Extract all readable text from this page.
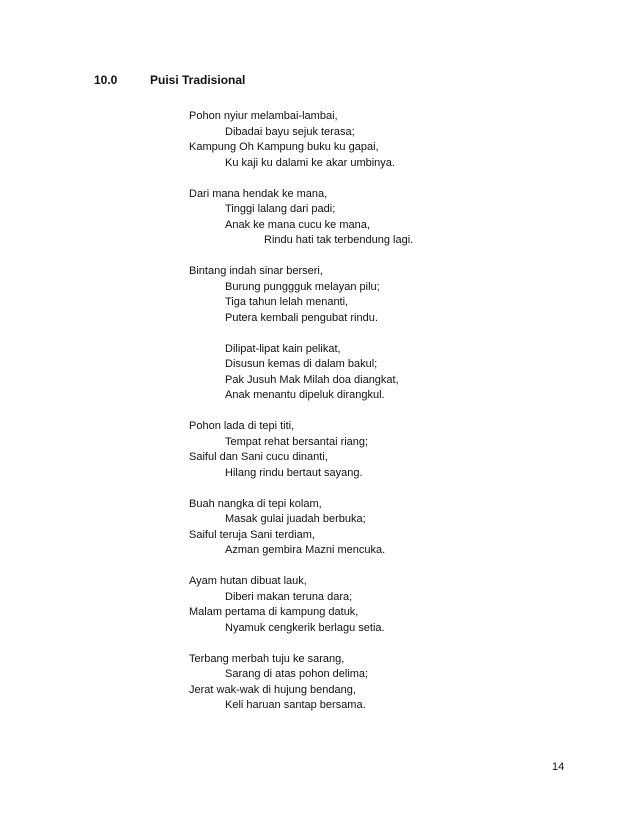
10.0	Puisi Tradisional
Pohon nyiur melambai-lambai,
Dibadai bayu sejuk terasa;
Kampung Oh Kampung buku ku gapai,
Ku kaji ku dalami ke akar umbinya.
Dari mana hendak ke mana,
Tinggi lalang dari padi;
Anak ke mana cucu ke mana,
Rindu hati tak terbendung lagi.
Bintang indah sinar berseri,
Burung punggguk melayan pilu;
Tiga tahun lelah menanti,
Putera kembali pengubat rindu.
Dilipat-lipat kain pelikat,
Disusun kemas di dalam bakul;
Pak Jusuh Mak Milah doa diangkat,
Anak menantu dipeluk dirangkul.
Pohon lada di tepi titi,
Tempat rehat bersantai riang;
Saiful dan Sani cucu dinanti,
Hilang rindu bertaut sayang.
Buah nangka di tepi kolam,
Masak gulai juadah berbuka;
Saiful teruja Sani terdiam,
Azman gembira Mazni mencuka.
Ayam hutan dibuat lauk,
Diberi makan teruna dara;
Malam pertama di kampung datuk,
Nyamuk cengkerik berlagu setia.
Terbang merbah tuju ke sarang,
Sarang di atas pohon delima;
Jerat wak-wak di hujung bendang,
Keli haruan santap bersama.
14
